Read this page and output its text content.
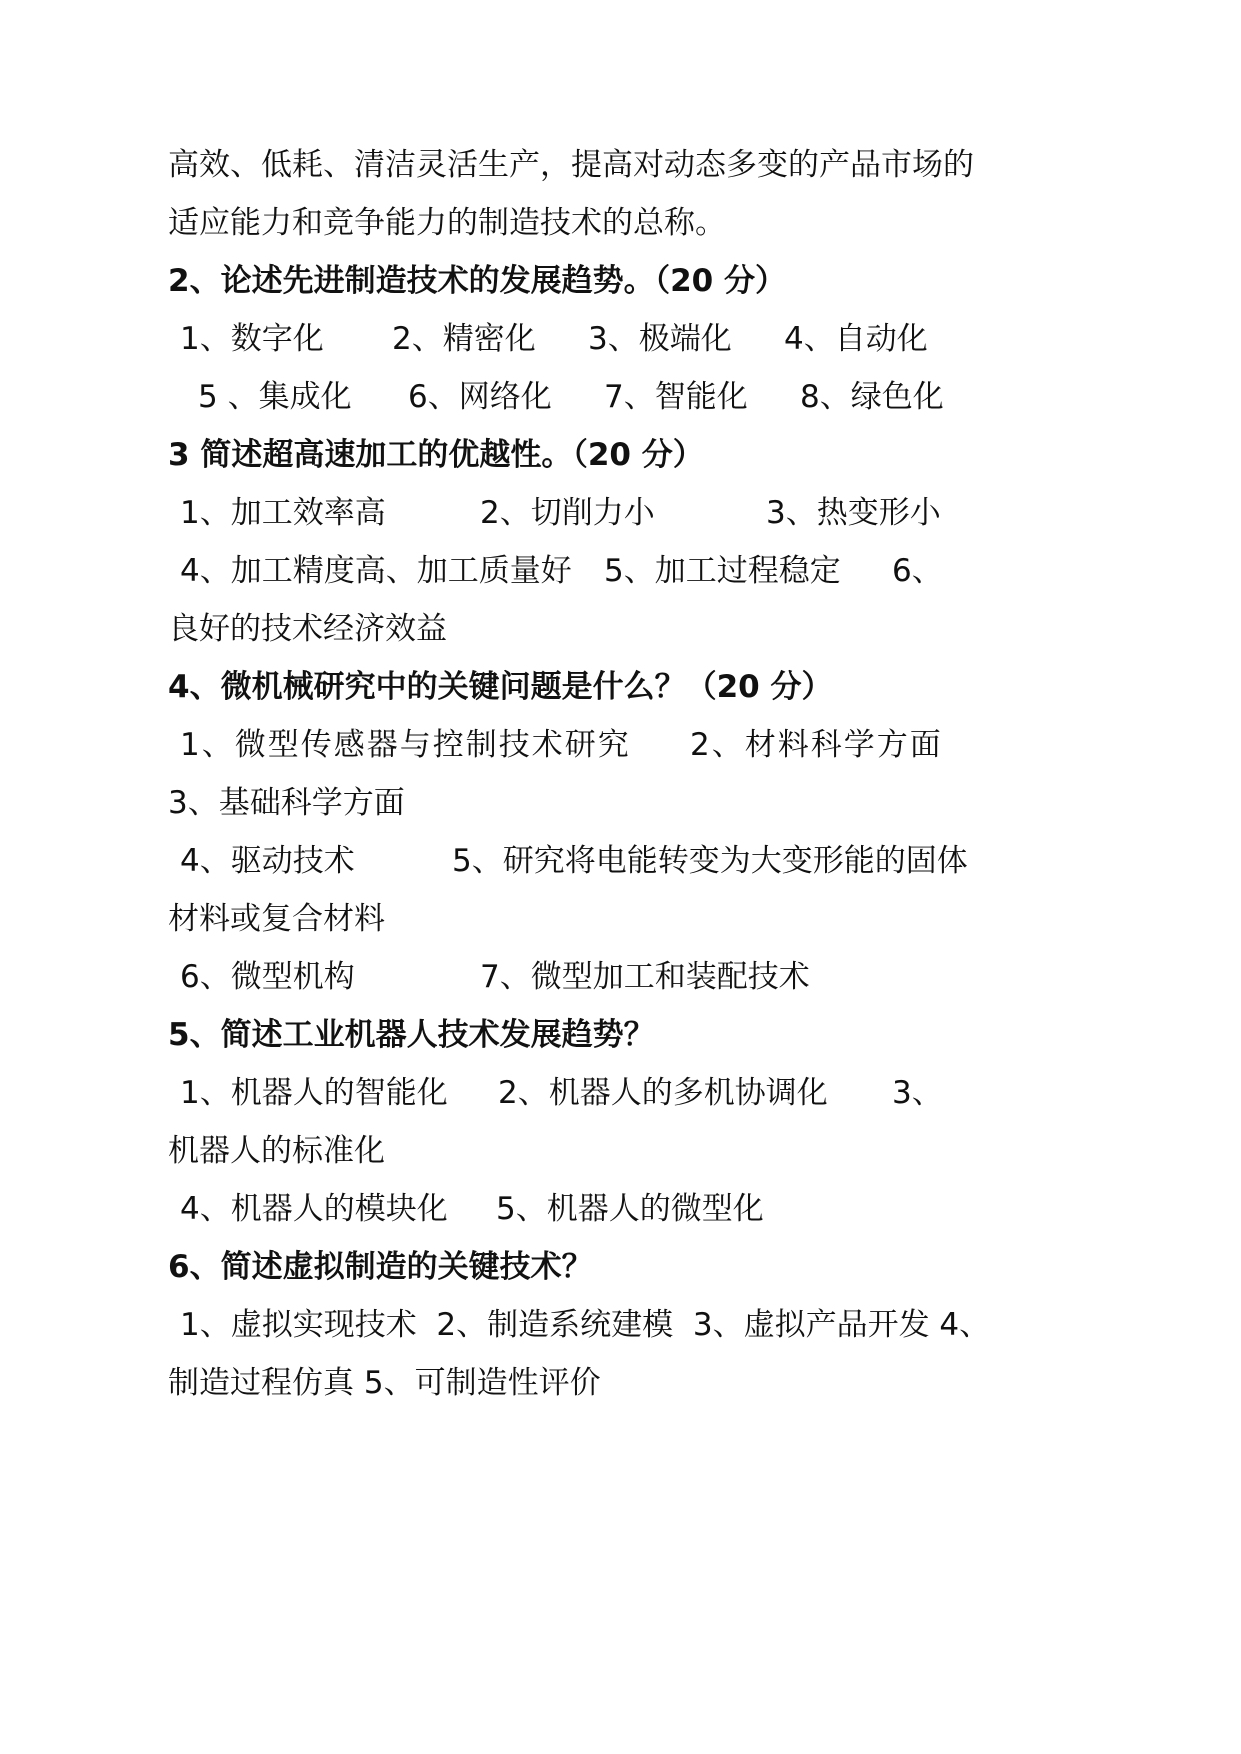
高效、低耗、清洁灵活生产，提高对动态多变的产品市场的
适应能力和竞争能力的制造技术的总称。
2、论述先进制造技术的发展趋势。（20 分）
1、数字化 2、精密化 3、极端化 4、自动化
5 、集成化 6、网络化 7、智能化 8、绿色化
3 简述超高速加工的优越性。（20 分）
1、加工效率高	2、切削力小	3、热变形小
4、加工精度高、加工质量好 5、加工过程稳定 6、
良好的技术经济效益
4、微机械研究中的关键问题是什么？（20 分）
1、微型传感器与控制技术研究 2、材料科学方面
3、基础科学方面
4、驱动技术	5、研究将电能转变为大变形能的固体
材料或复合材料
6、微型机构	7、微型加工和装配技术
5、简述工业机器人技术发展趋势？
1、机器人的智能化 2、机器人的多机协调化 3、
机器人的标准化
4、机器人的模块化 5、机器人的微型化
6、简述虚拟制造的关键技术？
1、虚拟实现技术  2、制造系统建模  3、虚拟产品开发 4、
制造过程仿真 5、可制造性评价
